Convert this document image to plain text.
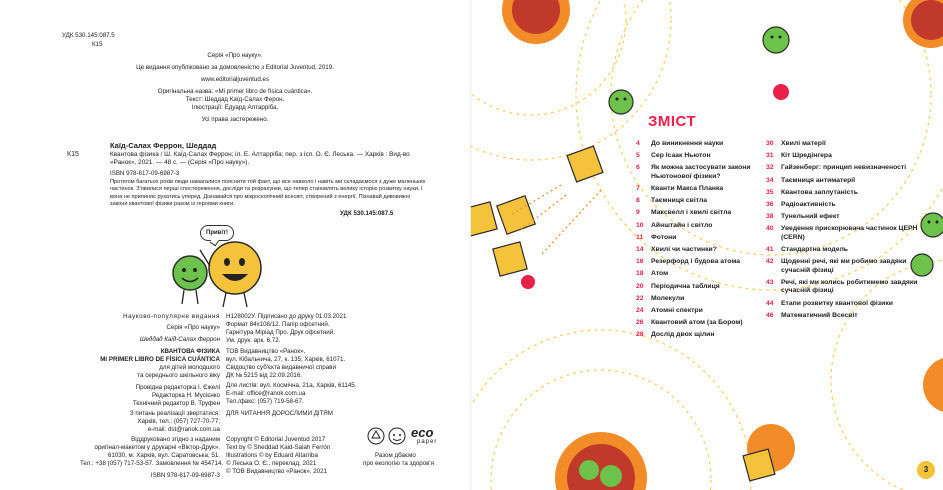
УДК 530.145:087.5
К15
Серія «Про науку».
Це видання опубліковано за домовленістю з Editorial Juventud, 2019.
www.editorialjuventud.es
Оригінальна назва: «Mi primer libro de física cuántica».
Текст: Шеддад Каїд-Салах Ферон.
Ілюстрації: Едуард Алтарріба.
Усі права застережено.
Каїд-Салах Феррон, Шеддад
К15	Квантова фізика / Ш. Каїд-Салах Феррон; іл. Е. Алтарріба; пер. з ісп. О. Є. Леська. — Харків : Вид-во «Ранок», 2021. — 48 с. — (Серія «Про науку»).
ISBN 978-617-09-6987-3
Протягом багатьох років люди намагалися пояснити той факт, що все навколо і навіть ми складаємося з дуже маленьких частинок. З'явилися перші спостереження, досліди та розрахунки, що тепер становлять велику історію розвитку науки. І вона не припиняє рухатись уперед. Дізнавайся про мікроскопічний всесвіт, створений з енергії. Пізнавай дивовижні закони квантової фізики разом із героями книги.
УДК 530.145:087.5
Привіт!
Науково-популярне видання
Серія «Про науку»
Шеддад Каїд-Салах Феррон
КВАНТОВА ФІЗИКА
MI PRIMER LIBRO DE FÍSICA CUÁNTICA
для дітей молодшого
та середнього шкільного віку
Провідна редакторка І. Єжелі
Редакторка Н. Мусієнко
Технічний редактор В. Труфен
З питань реалізації звертатися:
Харків, тел.: (057) 727-70-77;
e-mail: dst@ranok.com.ua
Віддруковано згідно з наданим
оригінал-макетом у друкарні «Віктор-Друк».
61030, м. Харків, вул. Саратовська, 51.
Тел.: +38 (057) 717-53-57. Замовлення № 454714.
ISBN 978-617-09-6987-3
Н128002У. Підписано до друку 01.03.2021
Формат 84x108/12. Папір офсетний.
Гарнітура Міріад Про. Друк офсетний.
Ум. друк. арк. 6,72.
ТОВ Видавництво «Ранок»,
вул. Кібальчича, 27, к. 135, Харків, 61071.
Свідоцтво суб'єкта видавничої справи
ДК № 5215 від 22.09.2016.
Для листів: вул. Космічна, 21а, Харків, 61145.
E-mail: office@ranok.com.ua
Тел./факс: (057) 719-58-67.
ДЛЯ ЧИТАННЯ ДОРОСЛИМИ ДІТЯМ
Copyright © Editorial Juventud 2017
Text by © Sheddad Kaid-Salah Ferrón
Illustrations © by Eduard Altarriba
© Леська О. Є., переклад, 2021
© ТОВ Видавництво «Ранок», 2021
eco
paper
Разом дбаємо
про екологію та здоров'я
ЗМІСТ
4	До виникнення науки
5	Сер Ісаак Ньютон
6	Як можна застосувати закони Ньютонової фізики?
7	Кванти Макса Планка
8	Таємниця світла
9	Максвелл і хвилі світла
10	Айнштайн і світло
11	Фотони
14	Хвилі чи частинки?
16	Резерфорд і будова атома
18	Атом
20	Періодична таблиця
22	Молекули
24	Атомні спектри
26	Квантовий атом (за Бором)
28	Дослід двох щілин
30	Хвилі матерії
31	Кіт Шредінгера
32	Гайзенберг: принцип невизначеності
34	Таємниця антиматерії
35	Квантова заплутаність
36	Радіоактивність
38	Тунельний ефект
40	Уведення прискорювача частинок ЦЕРН (CERN)
41	Стандартна модель
42	Щоденні речі, які ми робимо завдяки сучасній фізиці
43	Речі, які ми колись робитимемо завдяки сучасній фізиці
44	Етапи розвитку квантової фізики
46	Математичний Всесвіт
3
